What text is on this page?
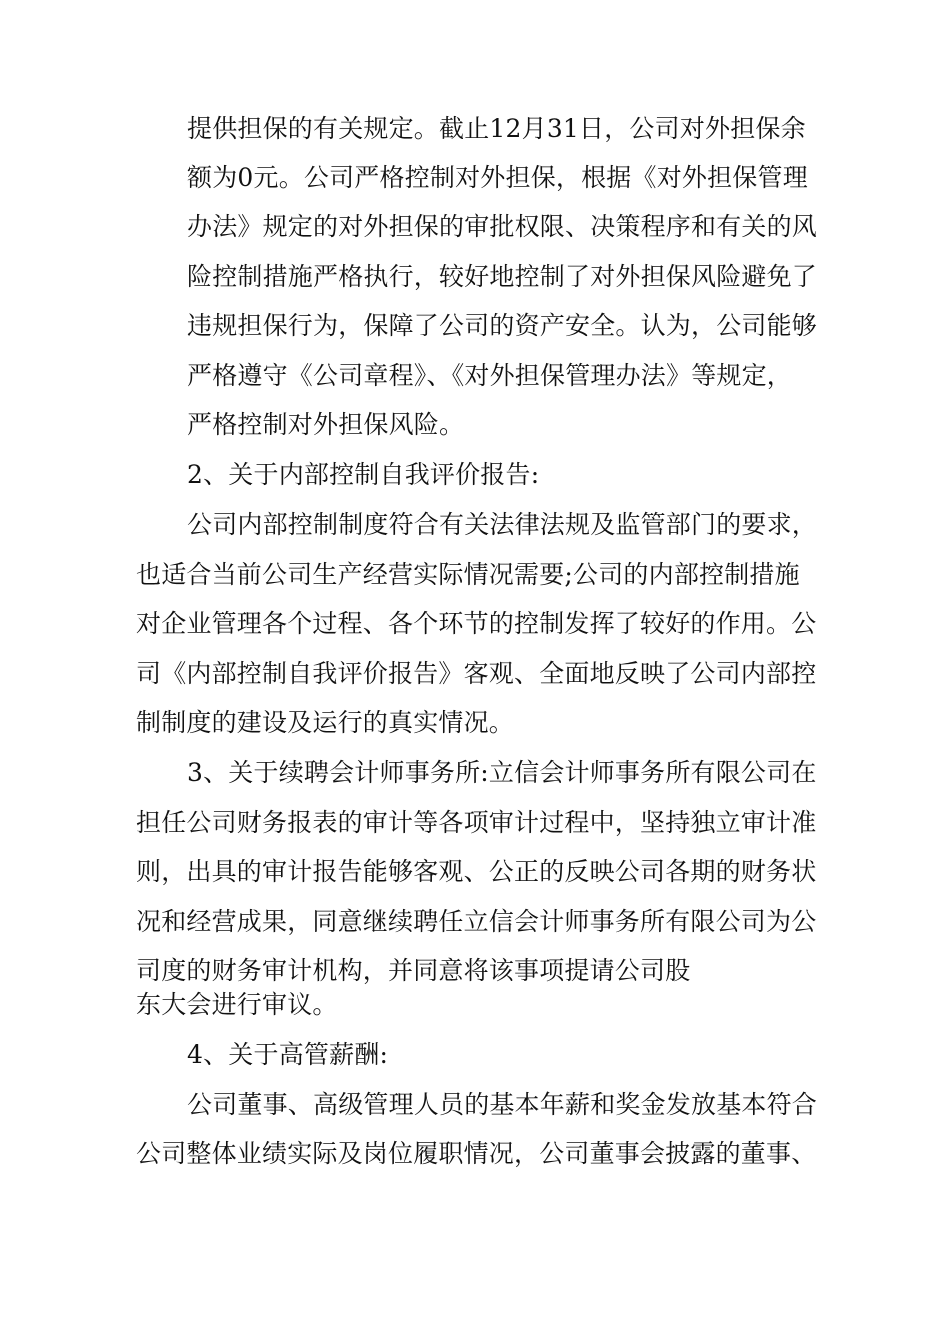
提供担保的有关规定。截止12月31日，公司对外担保余
额为0元。公司严格控制对外担保，根据《对外担保管理
办法》规定的对外担保的审批权限、决策程序和有关的风
险控制措施严格执行，较好地控制了对外担保风险避免了
违规担保行为，保障了公司的资产安全。认为，公司能够
严格遵守《公司章程》、《对外担保管理办法》等规定，
严格控制对外担保风险。
2、关于内部控制自我评价报告:
公司内部控制制度符合有关法律法规及监管部门的要求，
也适合当前公司生产经营实际情况需要;公司的内部控制措施
对企业管理各个过程、各个环节的控制发挥了较好的作用。公
司《内部控制自我评价报告》客观、全面地反映了公司内部控
制制度的建设及运行的真实情况。
3、关于续聘会计师事务所:立信会计师事务所有限公司在
担任公司财务报表的审计等各项审计过程中，坚持独立审计准
则，出具的审计报告能够客观、公正的反映公司各期的财务状
况和经营成果，同意继续聘任立信会计师事务所有限公司为公
司度的财务审计机构，并同意将该事项提请公司股
东大会进行审议。
4、关于高管薪酬:
公司董事、高级管理人员的基本年薪和奖金发放基本符合
公司整体业绩实际及岗位履职情况，公司董事会披露的董事、
